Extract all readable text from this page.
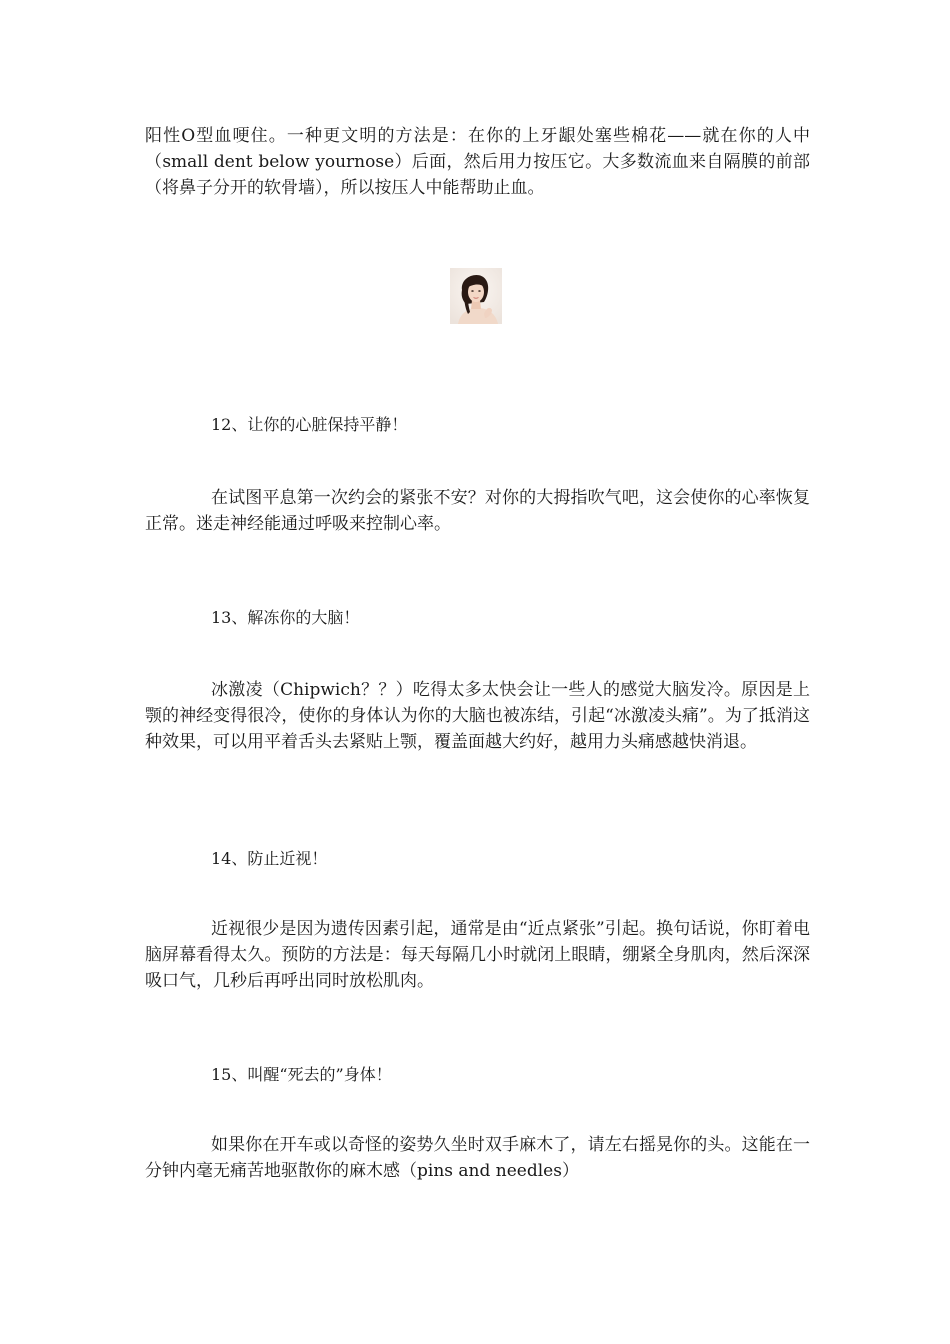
阳性O型血哽住。一种更文明的方法是：在你的上牙龈处塞些棉花——就在你的人中（small dent below yournose）后面，然后用力按压它。大多数流血来自隔膜的前部（将鼻子分开的软骨墙），所以按压人中能帮助止血。

12、让你的心脏保持平静！

在试图平息第一次约会的紧张不安？对你的大拇指吹气吧，这会使你的心率恢复正常。迷走神经能通过呼吸来控制心率。

13、解冻你的大脑！

冰激凌（Chipwich？？）吃得太多太快会让一些人的感觉大脑发冷。原因是上颚的神经变得很冷，使你的身体认为你的大脑也被冻结，引起“冰激凌头痛”。为了抵消这种效果，可以用平着舌头去紧贴上颚，覆盖面越大约好，越用力头痛感越快消退。

14、防止近视！

近视很少是因为遗传因素引起，通常是由“近点紧张”引起。换句话说，你盯着电脑屏幕看得太久。预防的方法是：每天每隔几小时就闭上眼睛，绷紧全身肌肉，然后深深吸口气，几秒后再呼出同时放松肌肉。

15、叫醒“死去的”身体！

如果你在开车或以奇怪的姿势久坐时双手麻木了，请左右摇晃你的头。这能在一分钟内毫无痛苦地驱散你的麻木感（pins and needles）
